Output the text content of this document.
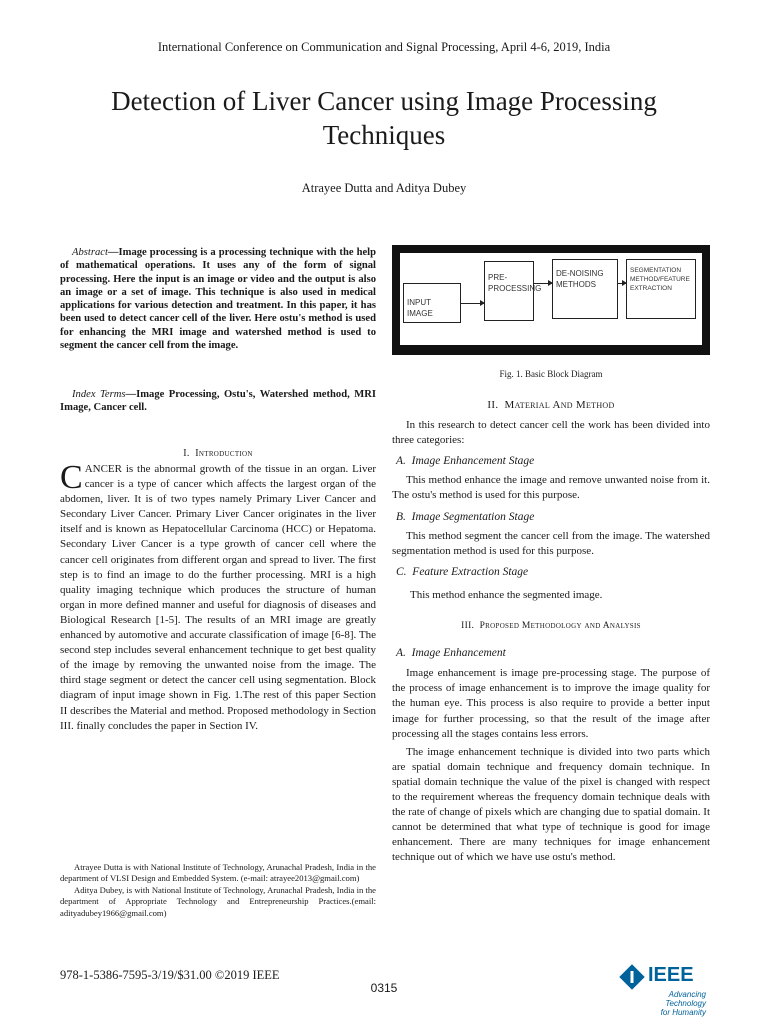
International Conference on Communication and Signal Processing, April 4-6, 2019, India
Detection of Liver Cancer using Image Processing Techniques
Atrayee Dutta and Aditya Dubey
Abstract—Image processing is a processing technique with the help of mathematical operations. It uses any of the form of signal processing. Here the input is an image or video and the output is also an image or a set of image. This technique is also used in medical applications for various detection and treatment. In this paper, it has been used to detect cancer cell of the liver. Here ostu's method is used for enhancing the MRI image and watershed method is used to segment the cancer cell from the image.
Index Terms—Image Processing, Ostu's, Watershed method, MRI Image, Cancer cell.
I. Introduction
CANCER is the abnormal growth of the tissue in an organ. Liver cancer is a type of cancer which affects the largest organ of the abdomen, liver. It is of two types namely Primary Liver Cancer and Secondary Liver Cancer. Primary Liver Cancer originates in the liver itself and is known as Hepatocellular Carcinoma (HCC) or Hepatoma. Secondary Liver Cancer is a type growth of cancer cell where the cancer cell originates from different organ and spread to liver. The first step is to find an image to do the further processing. MRI is a high quality imaging technique which produces the structure of human organ in more defined manner and useful for diagnosis of diseases and Biological Research [1-5]. The results of an MRI image are greatly enhanced by automotive and accurate classification of image [6-8]. The second step includes several enhancement technique to get best quality of the image by removing the unwanted noise from the image. The third stage segment or detect the cancer cell using segmentation. Block diagram of input image shown in Fig. 1.The rest of this paper Section II describes the Material and method. Proposed methodology in Section III. finally concludes the paper in Section IV.

Atrayee Dutta is with National Institute of Technology, Arunachal Pradesh, India in the department of VLSI Design and Embedded System. (e-mail: atrayee2013@gmail.com)

Aditya Dubey, is with National Institute of Technology, Arunachal Pradesh, India in the department of Appropriate Technology and Entrepreneurship Practices.(email: adityadubey1966@gmail.com)

978-1-5386-7595-3/19/$31.00 ©2019 IEEE
0315
IEEE
Advancing Technology
for Humanity
INPUT IMAGE
PRE-PROCESSING
DE-NOISING METHODS
SEGMENTATION METHOD/FEATURE EXTRACTION
Fig. 1. Basic Block Diagram
II. Material And Method

In this research to detect cancer cell the work has been divided into three categories:

A. Image Enhancement Stage

This method enhance the image and remove unwanted noise from it. The ostu's method is used for this purpose.

B. Image Segmentation Stage

This method segment the cancer cell from the image. The watershed segmentation method is used for this purpose.

C. Feature Extraction Stage

This method enhance the segmented image.

III. Proposed Methodology and Analysis
A. Image Enhancement

Image enhancement is image pre-processing stage. The purpose of the process of image enhancement is to improve the image quality for the human eye. This process is also require to provide a better input image for further processing, so that the result of the image after processing all the stages contains less errors.

The image enhancement technique is divided into two parts which are spatial domain technique and frequency domain technique. In spatial domain technique the value of the pixel is changed with respect to the requirement whereas the frequency domain technique deals with the rate of change of pixels which are changing due to spatial domain. It cannot be determined that what type of technique is good for image enhancement. There are many techniques for image enhancement technique out of which we have use ostu's method.
